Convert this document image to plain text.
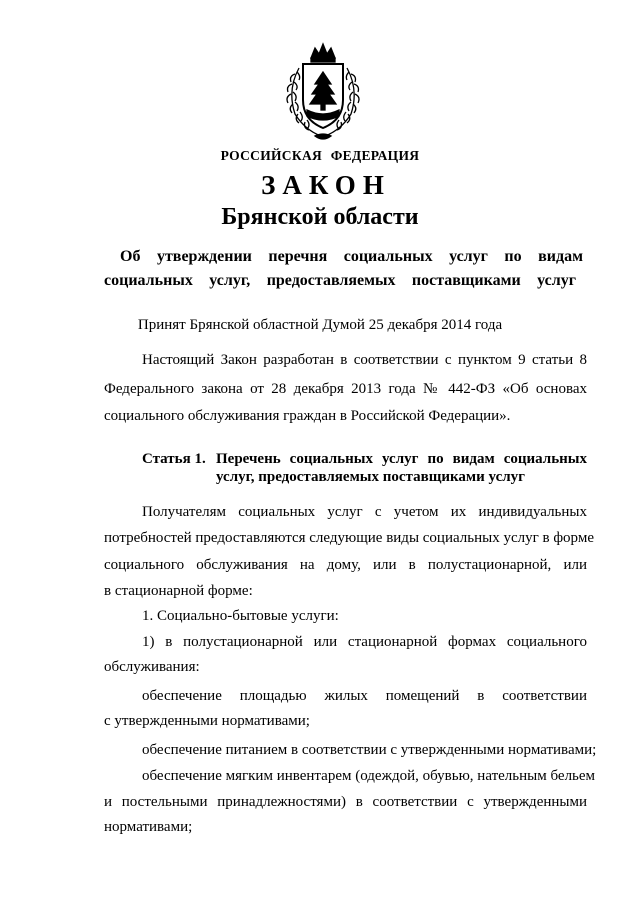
РОССИЙСКАЯ ФЕДЕРАЦИЯ
ЗАКОН
Брянской области
Об утверждении перечня социальных услуг по видам
социальных услуг, предоставляемых поставщиками услуг
Принят Брянской областной Думой 25 декабря 2014 года
Настоящий Закон разработан в соответствии с пунктом 9 статьи 8
Федерального закона от 28 декабря 2013 года № 442-ФЗ «Об основах
социального обслуживания граждан в Российской Федерации».
Статья 1. Перечень социальных услуг по видам социальных
услуг, предоставляемых поставщиками услуг
Получателям социальных услуг с учетом их индивидуальных
потребностей предоставляются следующие виды социальных услуг в форме
социального обслуживания на дому, или в полустационарной, или
в стационарной форме:
1. Социально-бытовые услуги:
1) в полустационарной или стационарной формах социального
обслуживания:
обеспечение площадью жилых помещений в соответствии
с утвержденными нормативами;
обеспечение питанием в соответствии с утвержденными нормативами;
обеспечение мягким инвентарем (одеждой, обувью, нательным бельем
и постельными принадлежностями) в соответствии с утвержденными
нормативами;
